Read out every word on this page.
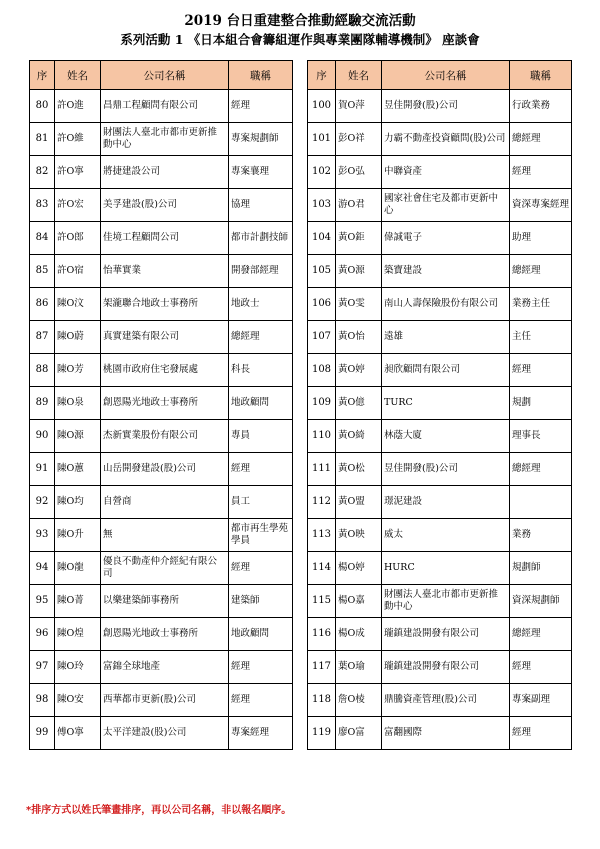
2019 台日重建整合推動經驗交流活動
系列活動 1 《日本組合會籌組運作與專業團隊輔導機制》 座談會
序	姓名	公司名稱	職稱
80	許O進	昌鼎工程顧問有限公司	經理
81	許O維	財團法人臺北市都市更新推動中心	專案規劃師
82	許O寧	將捷建設公司	專案襄理
83	許O宏	美孚建設(股)公司	協理
84	許O郎	佳境工程顧問公司	都市計劃技師
85	許O宿	怡華實業	開發部經理
86	陳O汶	架瀧聯合地政士事務所	地政士
87	陳O蔚	真實建築有限公司	總經理
88	陳O芳	桃園市政府住宅發展處	科長
89	陳O泉	創恩陽光地政士事務所	地政顧問
90	陳O源	杰新實業股份有限公司	專員
91	陳O蕙	山岳開發建設(股)公司	經理
92	陳O均	自營商	員工
93	陳O升	無	都市再生學苑學員
94	陳O龍	優良不動產仲介經紀有限公司	經理
95	陳O菁	以樂建築師事務所	建築師
96	陳O煌	創恩陽光地政士事務所	地政顧問
97	陳O玲	富錦全球地產	經理
98	陳O安	西華都市更新(股)公司	經理
99	傅O寧	太平洋建設(股)公司	專案經理
序	姓名	公司名稱	職稱
100	賀O萍	昱佳開發(股)公司	行政業務
101	彭O祥	力霸不動產投資顧問(股)公司	總經理
102	彭O弘	中聯資產	經理
103	游O君	國家社會住宅及都市更新中心	資深專案經理
104	黃O鉅	偉誠電子	助理
105	黃O源	築寶建設	總經理
106	黃O雯	南山人壽保險股份有限公司	業務主任
107	黃O怡	遠雄	主任
108	黃O婷	昶欣顧問有限公司	經理
109	黃O億	TURC	規劃
110	黃O綺	林蔭大廈	理事長
111	黃O松	昱佳開發(股)公司	總經理
112	黃O盟	璟泥建設	
113	黃O映	威太	業務
114	楊O婷	HURC	規劃師
115	楊O嘉	財團法人臺北市都市更新推動中心	資深規劃師
116	楊O成	瓏鎮建設開發有限公司	總經理
117	葉O瑜	瓏鎮建設開發有限公司	經理
118	詹O棱	鼎騰資產管理(股)公司	專案副理
119	廖O富	富翻國際	經理
*排序方式以姓氏筆畫排序，再以公司名稱，非以報名順序。
